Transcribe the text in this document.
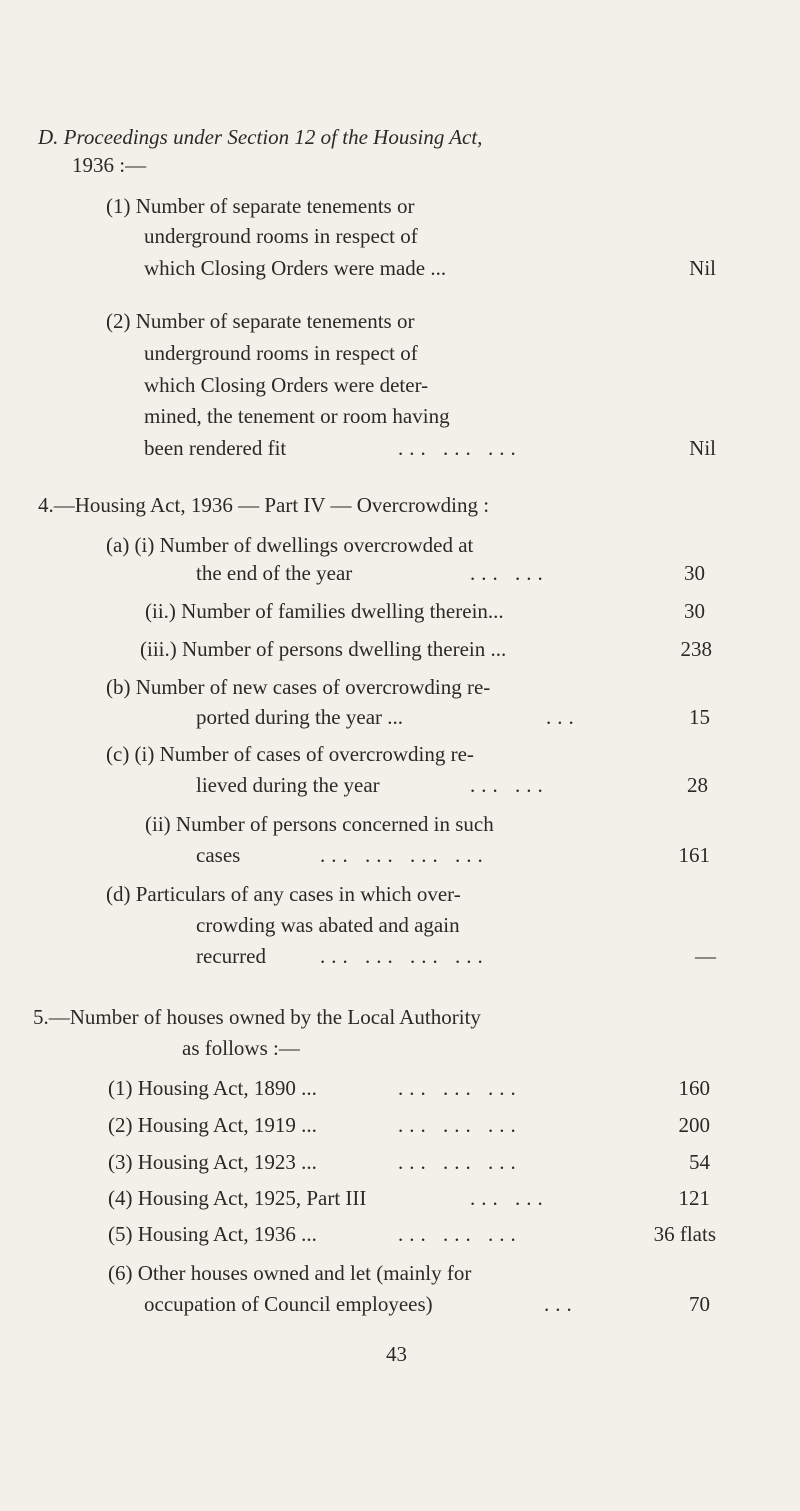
D. Proceedings under Section 12 of the Housing Act,
1936 :—
(1) Number of separate tenements or
underground rooms in respect of
which Closing Orders were made ...	Nil
(2) Number of separate tenements or
underground rooms in respect of
which Closing Orders were deter-
mined, the tenement or room having
been rendered fit	... ... ...	Nil
4.—Housing Act, 1936 — Part IV — Overcrowding :
(a) (i) Number of dwellings overcrowded at
the end of the year	... ...	30
(ii.) Number of families dwelling therein...	30
(iii.) Number of persons dwelling therein ...	238
(b) Number of new cases of overcrowding re-
ported during the year ...	...	15
(c) (i) Number of cases of overcrowding re-
lieved during the year	... ...	28
(ii) Number of persons concerned in such
cases	... ... ... ...	161
(d) Particulars of any cases in which over-
crowding was abated and again
recurred	... ... ... ...	—
5.—Number of houses owned by the Local Authority
as follows :—
(1) Housing Act, 1890 ...	... ... ...	160
(2) Housing Act, 1919 ...	... ... ...	200
(3) Housing Act, 1923 ...	... ... ...	54
(4) Housing Act, 1925, Part III	... ...	121
(5) Housing Act, 1936 ...	... ... ...	36 flats
(6) Other houses owned and let (mainly for
occupation of Council employees)	...	70
43
